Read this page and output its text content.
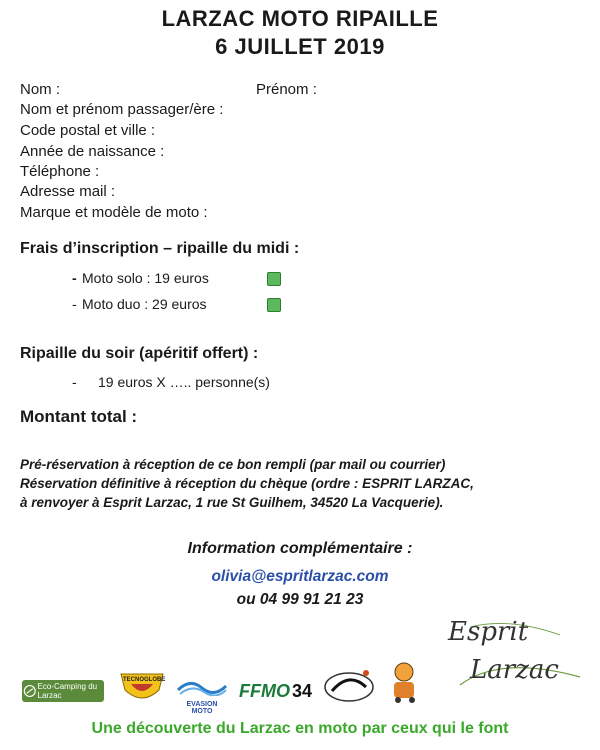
LARZAC MOTO RIPAILLE
6 JUILLET 2019
Nom :	Prénom :
Nom et prénom passager/ère :
Code postal et ville :
Année de naissance :
Téléphone :
Adresse mail :
Marque et modèle de moto :
Frais d’inscription – ripaille du midi :
- Moto solo : 19 euros
- Moto duo : 29 euros
Ripaille du soir (apéritif offert) :
- 19 euros X ….. personne(s)
Montant total :
Pré-réservation à réception de ce bon rempli (par mail ou courrier)
Réservation définitive à réception du chèque (ordre : ESPRIT LARZAC,
à renvoyer à Esprit Larzac, 1 rue St Guilhem, 34520 La Vacquerie).
Information complémentaire :
olivia@espritlarzac.com
ou 04 99 91 21 23
Eco-Camping du Larzac
TECNOGLOBE
EVASION MOTO
FFMO 34
Esprit
Larzac
Une découverte du Larzac en moto par ceux qui le font
